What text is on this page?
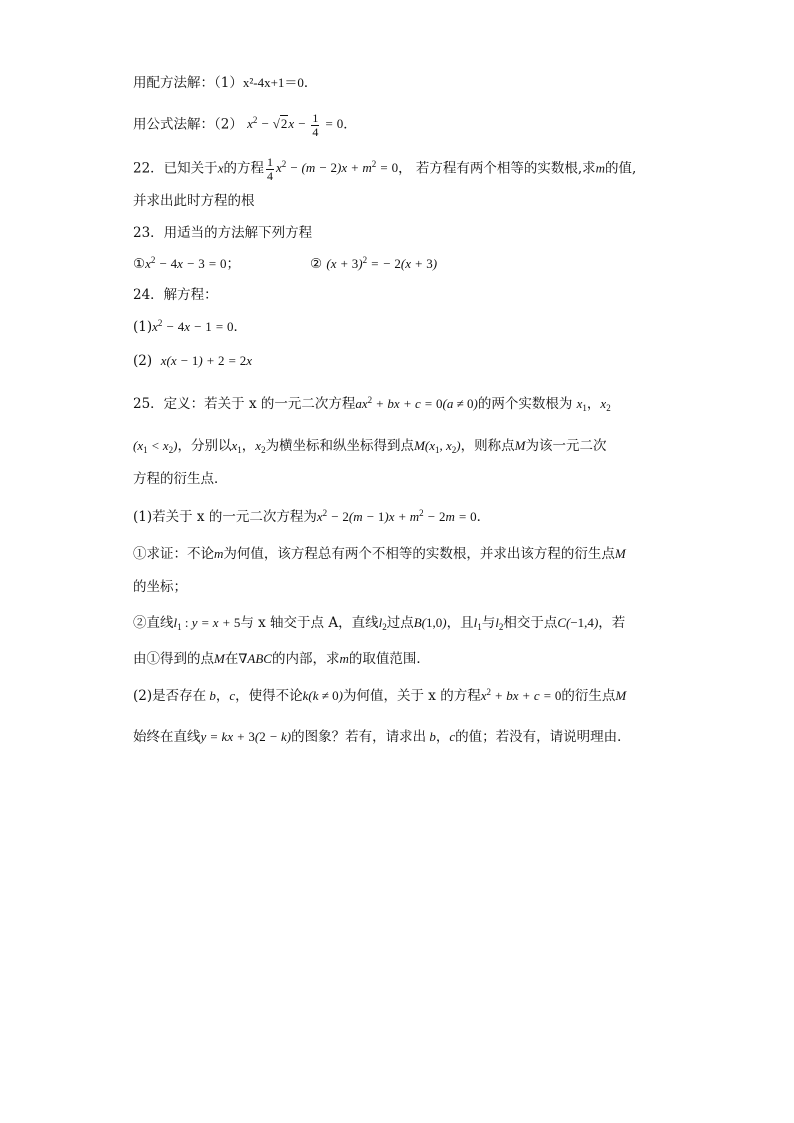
用配方法解：（1）x²-4x+1＝0．
用公式法解：（2） $x^2 - √2x - \frac{1}{4} = 0$．
22．已知关于x的方程 $\frac{1}{4} x^2 - (m - 2)x + m^2 = 0$， 若方程有两个相等的实数根,求m的值,
并求出此时方程的根
23．用适当的方法解下列方程
$①x^2 - 4x - 3 = 0$；	② $(x + 3)^2$ = − 2(x + 3)
24．解方程：
$(1)x^2 - 4x - 1 = 0$．
(2) x(x − 1) + 2 = 2x
25．定义：若关于 x 的一元二次方程$ax^2$ + bx + c = 0(a ≠ 0)的两个实数根为 $x_1$，$x_2$
$(x_1 < x_2)$，分别以$x_1$，$x_2$为横坐标和纵坐标得到点$M(x_1$, $x_2$)，则称点M为该一元二次
方程的衍生点．
(1)若关于 x 的一元二次方程为$x^2 - 2(m - 1)x + m^2 - 2m = 0$．
①求证：不论m为何值，该方程总有两个不相等的实数根，并求出该方程的衍生点M
的坐标；
②直线$l_1$ : y = x + 5与 x 轴交于点 A，直线$l_2$过点B(1,0)，且$l_1$与$l_2$相交于点C(−1,4)，若
由①得到的点M在∇ABC的内部，求m的取值范围．
(2)是否存在 b，c，使得不论k(k ≠ 0)为何值，关于 x 的方程$x^2$ + bx + c = 0的衍生点M
始终在直线y = kx + 3(2 − k)的图象？若有，请求出 b，c的值；若没有，请说明理由．
